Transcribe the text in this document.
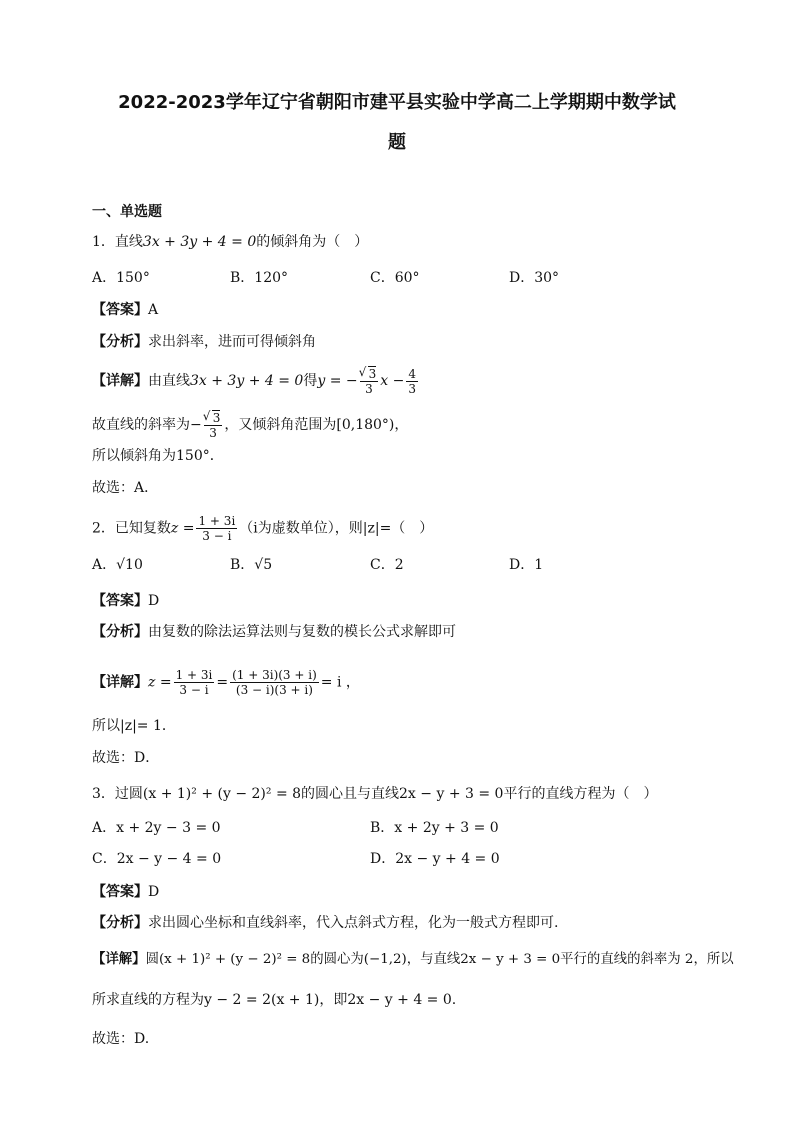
2022-2023学年辽宁省朝阳市建平县实验中学高二上学期期中数学试
题
一、单选题
1．直线3x + 3y + 4 = 0的倾斜角为（　）
A．150°	B．120°	C．60°	D．30°
【答案】A
【分析】求出斜率，进而可得倾斜角
【详解】由直线3x + 3y + 4 = 0得y = − √ $\frac{3}{3}$ $x - \frac{4}{3}$
故直线的斜率为− √ $\frac{3}{3}$ ，又倾斜角范围为[0,180°)，
所以倾斜角为150°．
故选：A．
2．已知复数$z = \frac{1 + 3i}{3 - i} (i$为虚数单位），则|z|=（　）
A．√10	B．√5	C．2	D．1
【答案】D
【分析】由复数的除法运算法则与复数的模长公式求解即可
【详解】$z = \frac{1 + 3i}{3 - i} = \frac{(1 + 3i)(3 + i)}{(3 - i)(3 + i)} = i$ ，
所以|z|= 1．
故选：D．
3．过圆(x + 1)² + (y − 2)² = 8的圆心且与直线2x − y + 3 = 0平行的直线方程为（　）
A．x + 2y − 3 = 0	B．x + 2y + 3 = 0
C．2x − y − 4 = 0	D．2x − y + 4 = 0
【答案】D
【分析】求出圆心坐标和直线斜率，代入点斜式方程，化为一般式方程即可.
【详解】圆(x + 1)² + (y − 2)² = 8的圆心为(−1,2)，与直线2x − y + 3 = 0平行的直线的斜率为 2，所以
所求直线的方程为y − 2 = 2(x + 1)，即2x − y + 4 = 0.
故选：D.
